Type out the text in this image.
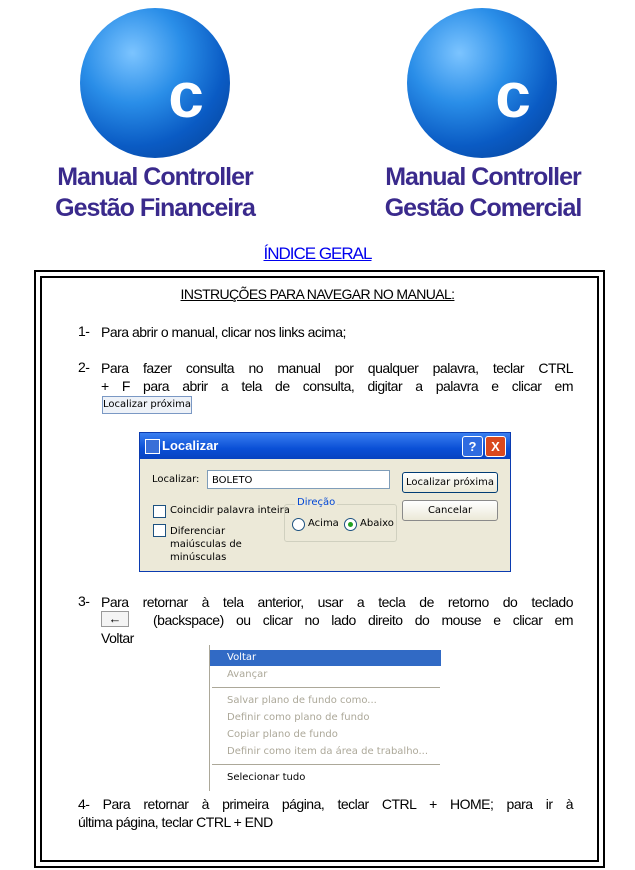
c
Manual Controller
Gestão Financeira
c
Manual Controller
Gestão Comercial
ÍNDICE GERAL
INSTRUÇÕES PARA NAVEGAR NO MANUAL:
1- Para abrir o manual, clicar nos links acima;
2- Para fazer consulta no manual por qualquer palavra, teclar CTRL
+ F para abrir a tela de consulta, digitar a palavra e clicar em
Localizar próxima
Localizar	?	X
Localizar:	BOLETO	Localizar próxima
Cancelar
Coincidir palavra inteira
Diferenciar
maiúsculas de
minúsculas
Direção
Acima Abaixo
3- Para retornar à tela anterior, usar a tecla de retorno do teclado
←	(backspace) ou clicar no lado direito do mouse e clicar em
Voltar
Voltar
Avançar
Salvar plano de fundo como...
Definir como plano de fundo
Copiar plano de fundo
Definir como item da área de trabalho...
Selecionar tudo
4- Para retornar à primeira página, teclar CTRL + HOME; para ir à
última página, teclar CTRL + END
